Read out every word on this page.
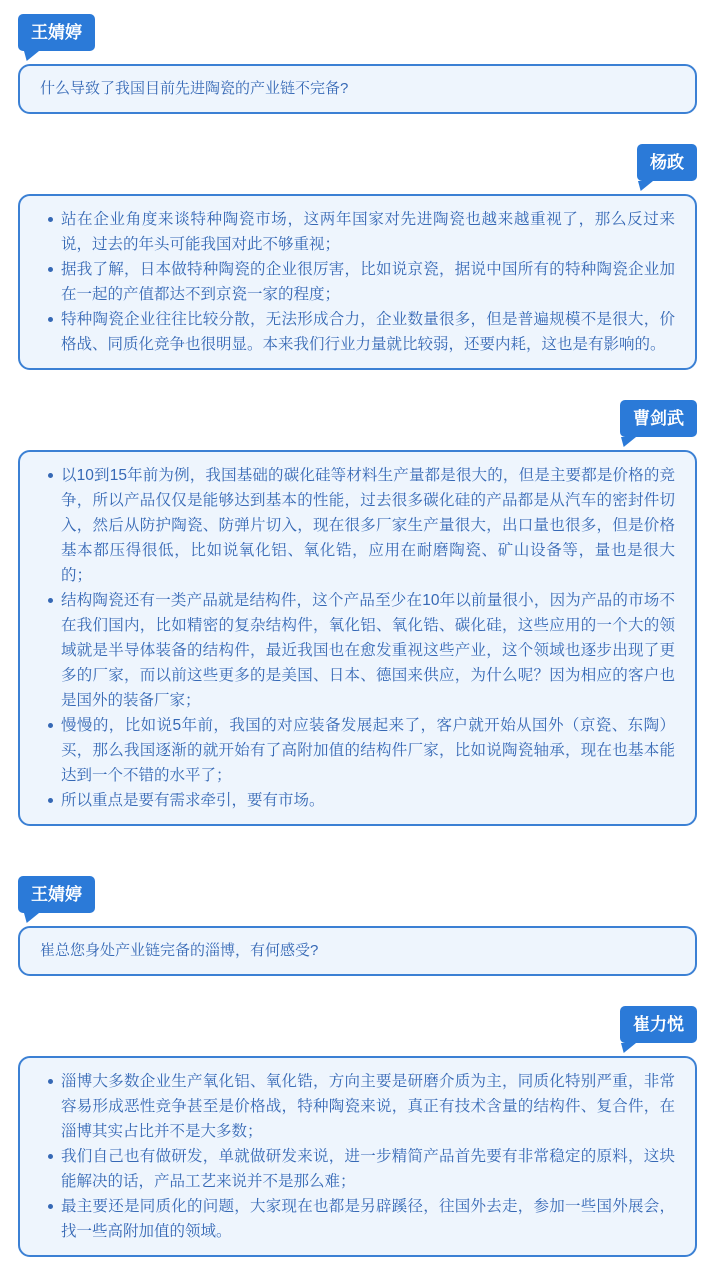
王婧婷

什么导致了我国目前先进陶瓷的产业链不完备?

杨政
站在企业角度来谈特种陶瓷市场，这两年国家对先进陶瓷也越来越重视了，那么反过来说，过去的年头可能我国对此不够重视；
据我了解，日本做特种陶瓷的企业很厉害，比如说京瓷，据说中国所有的特种陶瓷企业加在一起的产值都达不到京瓷一家的程度；
特种陶瓷企业往往比较分散，无法形成合力，企业数量很多，但是普遍规模不是很大，价格战、同质化竞争也很明显。本来我们行业力量就比较弱，还要内耗，这也是有影响的。
曹剑武
以10到15年前为例，我国基础的碳化硅等材料生产量都是很大的，但是主要都是价格的竞争，所以产品仅仅是能够达到基本的性能，过去很多碳化硅的产品都是从汽车的密封件切入，然后从防护陶瓷、防弹片切入，现在很多厂家生产量很大，出口量也很多，但是价格基本都压得很低，比如说氧化铝、氧化锆，应用在耐磨陶瓷、矿山设备等，量也是很大的；
结构陶瓷还有一类产品就是结构件，这个产品至少在10年以前量很小，因为产品的市场不在我们国内，比如精密的复杂结构件，氧化铝、氧化锆、碳化硅，这些应用的一个大的领域就是半导体装备的结构件，最近我国也在愈发重视这些产业，这个领域也逐步出现了更多的厂家，而以前这些更多的是美国、日本、德国来供应，为什么呢？因为相应的客户也是国外的装备厂家；
慢慢的，比如说5年前，我国的对应装备发展起来了，客户就开始从国外（京瓷、东陶）买，那么我国逐渐的就开始有了高附加值的结构件厂家，比如说陶瓷轴承，现在也基本能达到一个不错的水平了；
所以重点是要有需求牵引，要有市场。
王婧婷

崔总您身处产业链完备的淄博，有何感受?

崔力悦
淄博大多数企业生产氧化铝、氧化锆，方向主要是研磨介质为主，同质化特别严重，非常容易形成恶性竞争甚至是价格战，特种陶瓷来说，真正有技术含量的结构件、复合件，在淄博其实占比并不是大多数；
我们自己也有做研发，单就做研发来说，进一步精简产品首先要有非常稳定的原料，这块能解决的话，产品工艺来说并不是那么难；
最主要还是同质化的问题，大家现在也都是另辟蹊径，往国外去走，参加一些国外展会，找一些高附加值的领域。
